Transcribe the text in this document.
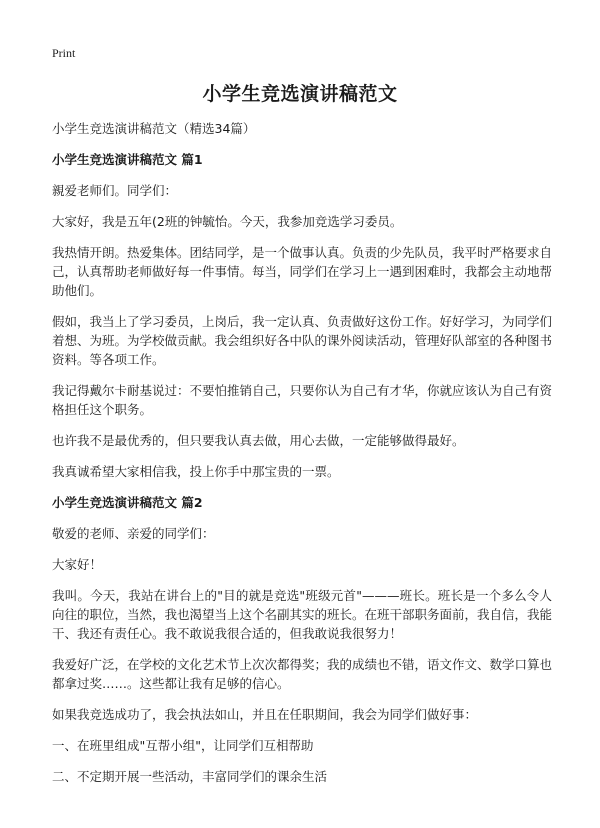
Print
小学生竞选演讲稿范文

小学生竞选演讲稿范文（精选34篇）

小学生竞选演讲稿范文 篇1

親爱老师们。同学们：

大家好，我是五年(2班的钟毓怡。今天，我参加竞选学习委员。

我热情开朗。热爱集体。团结同学，是一个做事认真。负责的少先队员，我平时严格要求自己，认真帮助老师做好每一件事情。每当，同学们在学习上一遇到困难时，我都会主动地帮助他们。

假如，我当上了学习委员，上岗后，我一定认真、负责做好这份工作。好好学习，为同学们着想、为班。为学校做贡献。我会组织好各中队的课外阅读活动，管理好队部室的各种图书资料。等各项工作。

我记得戴尔卡耐基说过：不要怕推销自己，只要你认为自己有才华，你就应该认为自己有资格担任这个职务。

也许我不是最优秀的，但只要我认真去做，用心去做，一定能够做得最好。

我真诚希望大家相信我，投上你手中那宝贵的一票。

小学生竞选演讲稿范文 篇2

敬爱的老师、亲爱的同学们：

大家好！

我叫。今天，我站在讲台上的"目的就是竞选"班级元首"———班长。班长是一个多么令人向往的职位，当然，我也渴望当上这个名副其实的班长。在班干部职务面前，我自信，我能干、我还有责任心。我不敢说我很合适的，但我敢说我很努力！

我爱好广泛，在学校的文化艺术节上次次都得奖；我的成绩也不错，语文作文、数学口算也都拿过奖……。这些都让我有足够的信心。

如果我竞选成功了，我会执法如山，并且在任职期间，我会为同学们做好事：

一、在班里组成"互帮小组"，让同学们互相帮助

二、不定期开展一些活动，丰富同学们的课余生活
